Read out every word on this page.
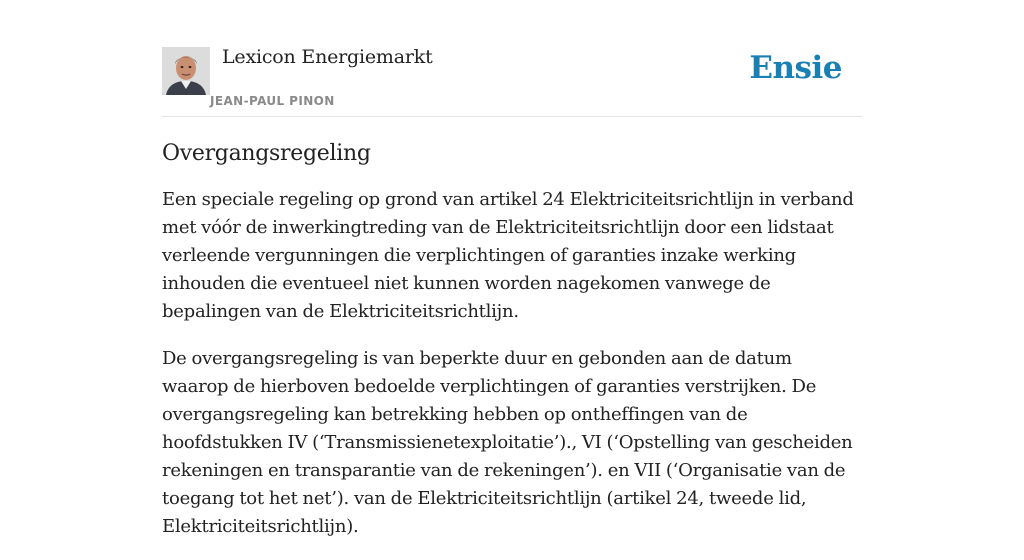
Lexicon Energiemarkt
JEAN-PAUL PINON
Ensie
Overgangsregeling

Een speciale regeling op grond van artikel 24 Elektriciteitsrichtlijn in verband met vóór de inwerkingtreding van de Elektriciteitsrichtlijn door een lidstaat verleende vergunningen die verplichtingen of garanties inzake werking inhouden die eventueel niet kunnen worden nagekomen vanwege de bepalingen van de Elektriciteitsrichtlijn.

De overgangsregeling is van beperkte duur en gebonden aan de datum waarop de hierboven bedoelde verplichtingen of garanties verstrijken. De overgangsregeling kan betrekking hebben op ontheffingen van de hoofdstukken IV (‘Transmissienetexploitatie’)., VI (‘Opstelling van gescheiden rekeningen en transparantie van de rekeningen’). en VII (‘Organisatie van de toegang tot het net’). van de Elektriciteitsrichtlijn (artikel 24, tweede lid, Elektriciteitsrichtlijn).
